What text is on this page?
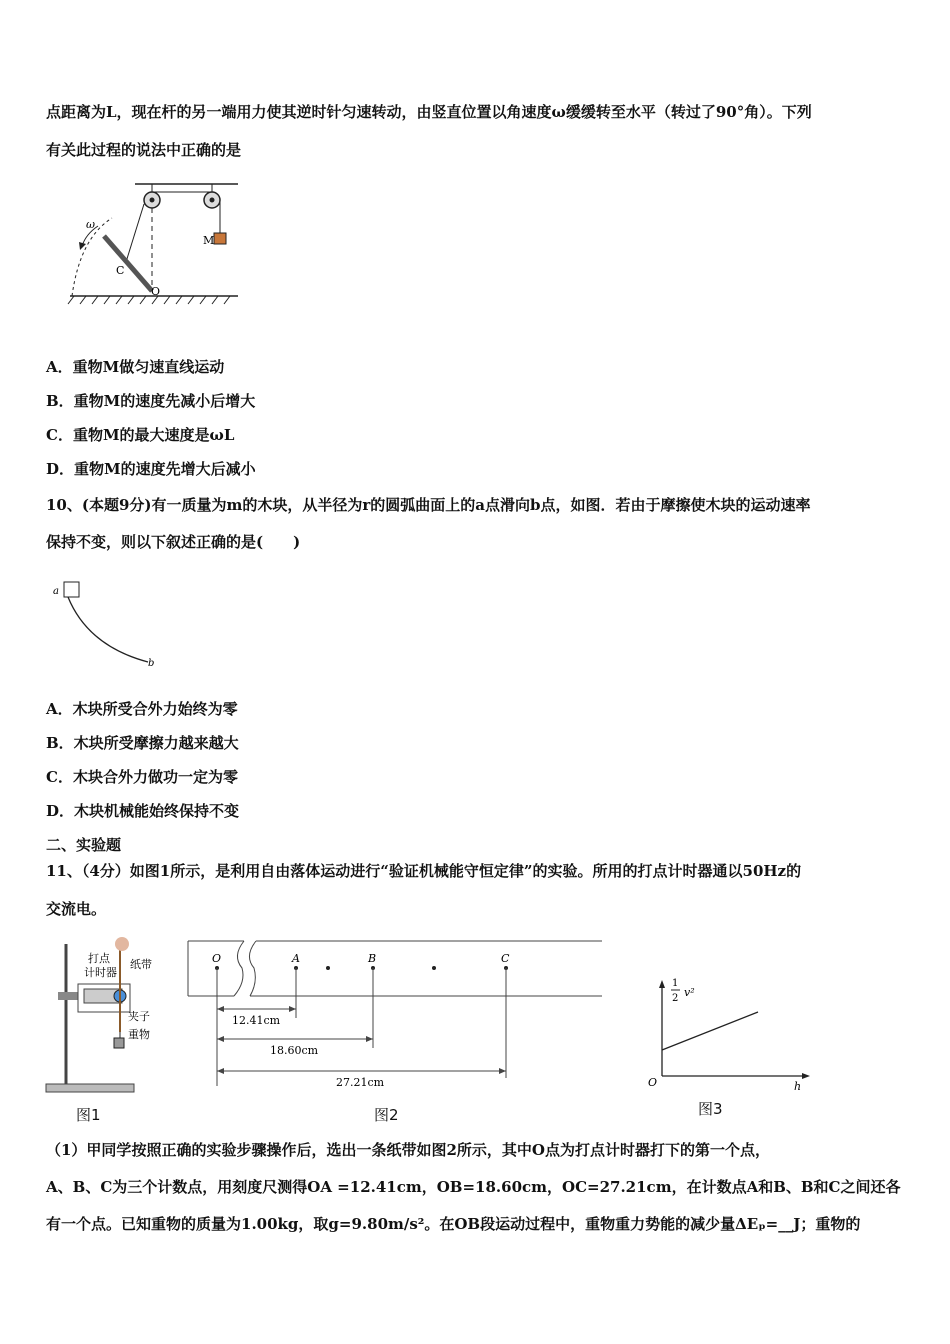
点距离为L，现在杆的另一端用力使其逆时针匀速转动，由竖直位置以角速度ω缓缓转至水平（转过了90°角）。下列
有关此过程的说法中正确的是
ω
M
C
O
A．重物M做匀速直线运动
B．重物M的速度先减小后增大
C．重物M的最大速度是ωL
D．重物M的速度先增大后减小
10、(本题9分)有一质量为m的木块，从半径为r的圆弧曲面上的a点滑向b点，如图．若由于摩擦使木块的运动速率
保持不变，则以下叙述正确的是(　　)
a
b
A．木块所受合外力始终为零
B．木块所受摩擦力越来越大
C．木块合外力做功一定为零
D．木块机械能始终保持不变
二、实验题
11、（4分）如图1所示，是利用自由落体运动进行“验证机械能守恒定律”的实验。所用的打点计时器通以50Hz的
交流电。
打点
计时器
纸带
夹子
重物
图1
O	A	B	C
12.41cm
18.60cm
27.21cm
图2
1
2 v²
O	h
图3
（1）甲同学按照正确的实验步骤操作后，选出一条纸带如图2所示，其中O点为打点计时器打下的第一个点，
A、B、C为三个计数点，用刻度尺测得OA =12.41cm，OB=18.60cm，OC=27.21cm，在计数点A和B、B和C之间还各
有一个点。已知重物的质量为1.00kg，取g=9.80m/s²。在OB段运动过程中，重物重力势能的减少量ΔEₚ=__J；重物的
